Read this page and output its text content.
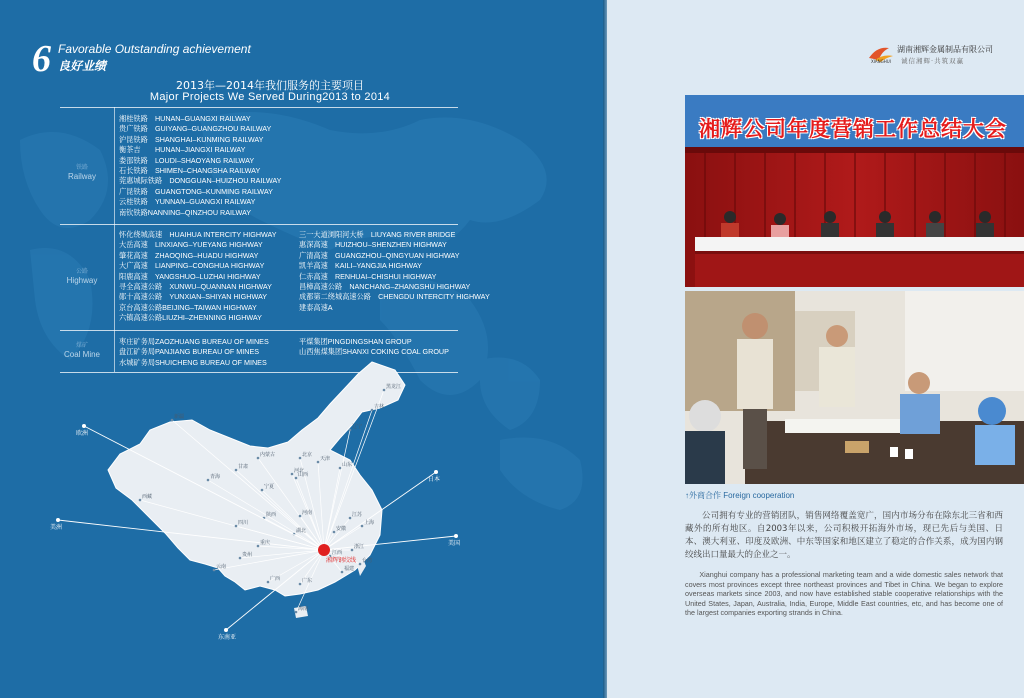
6 Favorable Outstanding achievement
良好业绩
2013年—2014年我们服务的主要项目
Major Projects We Served During2013 to 2014
铁路
Railway
湘桂铁路　HUNAN–GUANGXI RAILWAY
贵广铁路　GUIYANG–GUANGZHOU RAILWAY
沪昆铁路　SHANGHAI–KUNMING RAILWAY
衡茶吉　　HUNAN–JIANGXI RAILWAY
娄邵铁路　LOUDI–SHAOYANG RAILWAY
石长铁路　SHIMEN–CHANGSHA RAILWAY
莞惠城际铁路　DONGGUAN–HUIZHOU RAILWAY
广昆铁路　GUANGTONG–KUNMING RAILWAY
云桂铁路　YUNNAN–GUANGXI RAILWAY
南钦铁路NANNING–QINZHOU RAILWAY
公路
Highway
怀化绕城高速　HUAIHUA INTERCITY HIGHWAY
大岳高速　LINXIANG–YUEYANG HIGHWAY
肇花高速　ZHAOQING–HUADU HIGHWAY
大广高速　LIANPING–CONGHUA HIGHWAY
阳鹿高速　YANGSHUO–LUZHAI HIGHWAY
寻全高速公路　XUNWU–QUANNAN HIGHWAY
郧十高速公路　YUNXIAN–SHIYAN HIGHWAY
京台高速公路BEIJING–TAIWAN HIGHWAY
六镇高速公路LIUZHI–ZHENNING HIGHWAY
三一大道浏阳河大桥　LIUYANG RIVER BRIDGE
惠深高速　HUIZHOU–SHENZHEN HIGHWAY
广清高速　GUANGZHOU–QINGYUAN HIGHWAY
凯羊高速　KAILI–YANGJIA HIGHWAY
仁赤高速　RENHUAI–CHISHUI HIGHWAY
昌樟高速公路　NANCHANG–ZHANGSHU HIGHWAY
成都第二绕城高速公路　CHENGDU INTERCITY HIGHWAY
建泰高速A
煤矿
Coal Mine
枣庄矿务局ZAOZHUANG BUREAU OF MINES
盘江矿务局PANJIANG BUREAU OF MINES
水城矿务局SHUICHENG BUREAU OF MINES
平煤集团PINGDINGSHAN GROUP
山西焦煤集团SHANXI COKING COAL GROUP
黑龙江
吉林
辽宁
北京
天津
内蒙古
河北
山西
山东
新疆
西藏
青海
甘肃
宁夏
陕西	河南	江苏
上海
安徽
湖北
四川
重庆
浙江
贵州	江西
云南
广西	广东
福建
台湾
海南
欧洲
日本
美洲
美国
东南亚
湘辉钢绞线
XIANGHUI
湖南湘辉金属制品有限公司
诚信湘辉·共筑双赢
湘辉公司年度营销工作总结大会
↑外商合作 Foreign cooperation
公司拥有专业的营销团队，销售网络覆盖宽广，国内市场分布在除东北三省和西藏外的所有地区。自2003年以来，公司积极开拓海外市场，现已先后与美国、日本、澳大利亚、印度及欧洲、中东等国家和地区建立了稳定的合作关系，成为国内钢绞线出口量最大的企业之一。
Xianghui company has a professional marketing team and a wide domestic sales network that covers most provinces except three northeast provinces and Tibet in China. We began to explore overseas markets since 2003, and now have established stable cooperative relationships with the United States, Japan, Australia, India, Europe, Middle East countries, etc, and has become one of the largest companies exporting strands in China.
